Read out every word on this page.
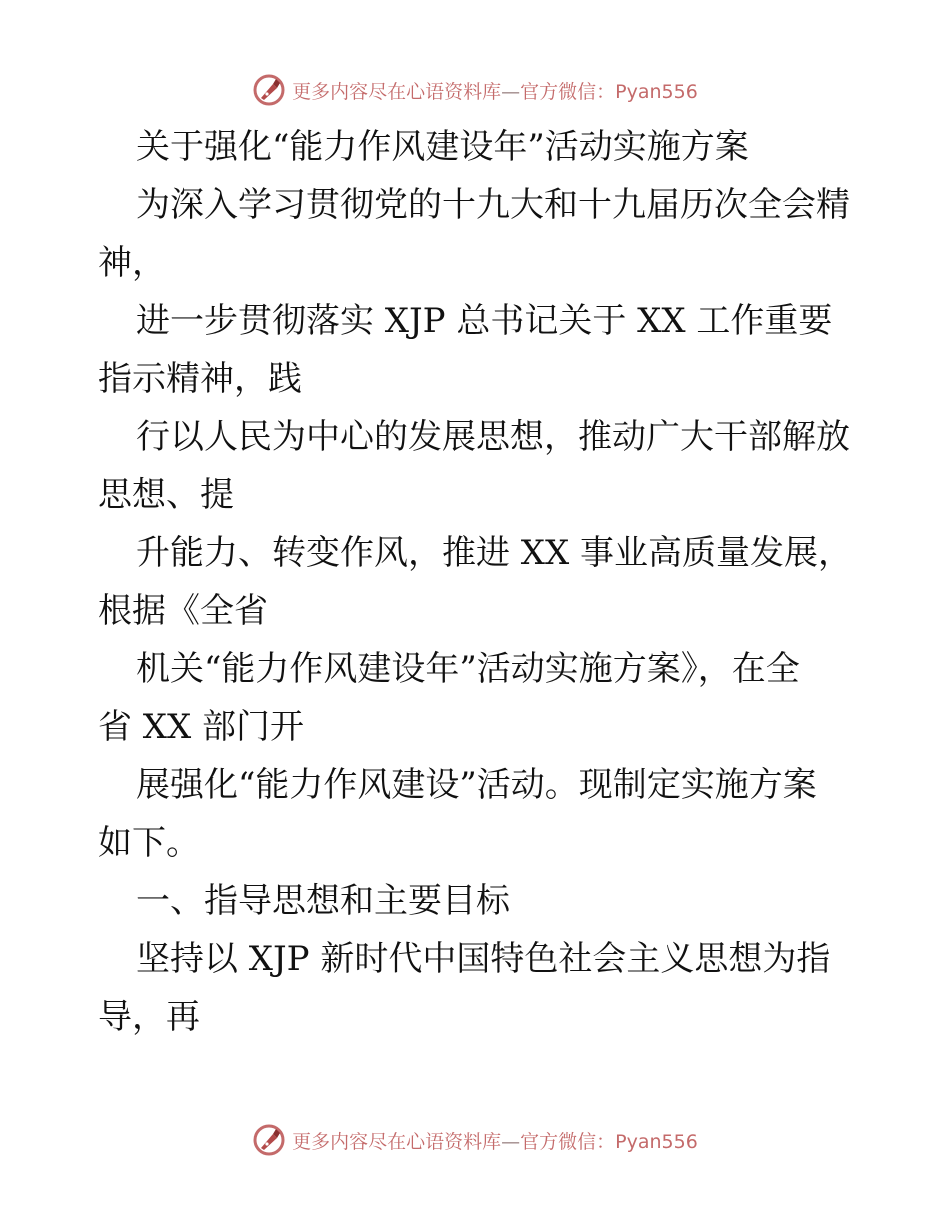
更多内容尽在心语资料库—官方微信：Pyan556
关于强化“能力作风建设年”活动实施方案
为深入学习贯彻党的十九大和十九届历次全会精
神，
进一步贯彻落实 XJP 总书记关于 XX 工作重要
指示精神，践
行以人民为中心的发展思想，推动广大干部解放
思想、提
升能力、转变作风，推进 XX 事业高质量发展，
根据《全省
机关“能力作风建设年”活动实施方案》，在全
省 XX 部门开
展强化“能力作风建设”活动。现制定实施方案
如下。
一、指导思想和主要目标
坚持以 XJP 新时代中国特色社会主义思想为指
导，再
更多内容尽在心语资料库—官方微信：Pyan556
